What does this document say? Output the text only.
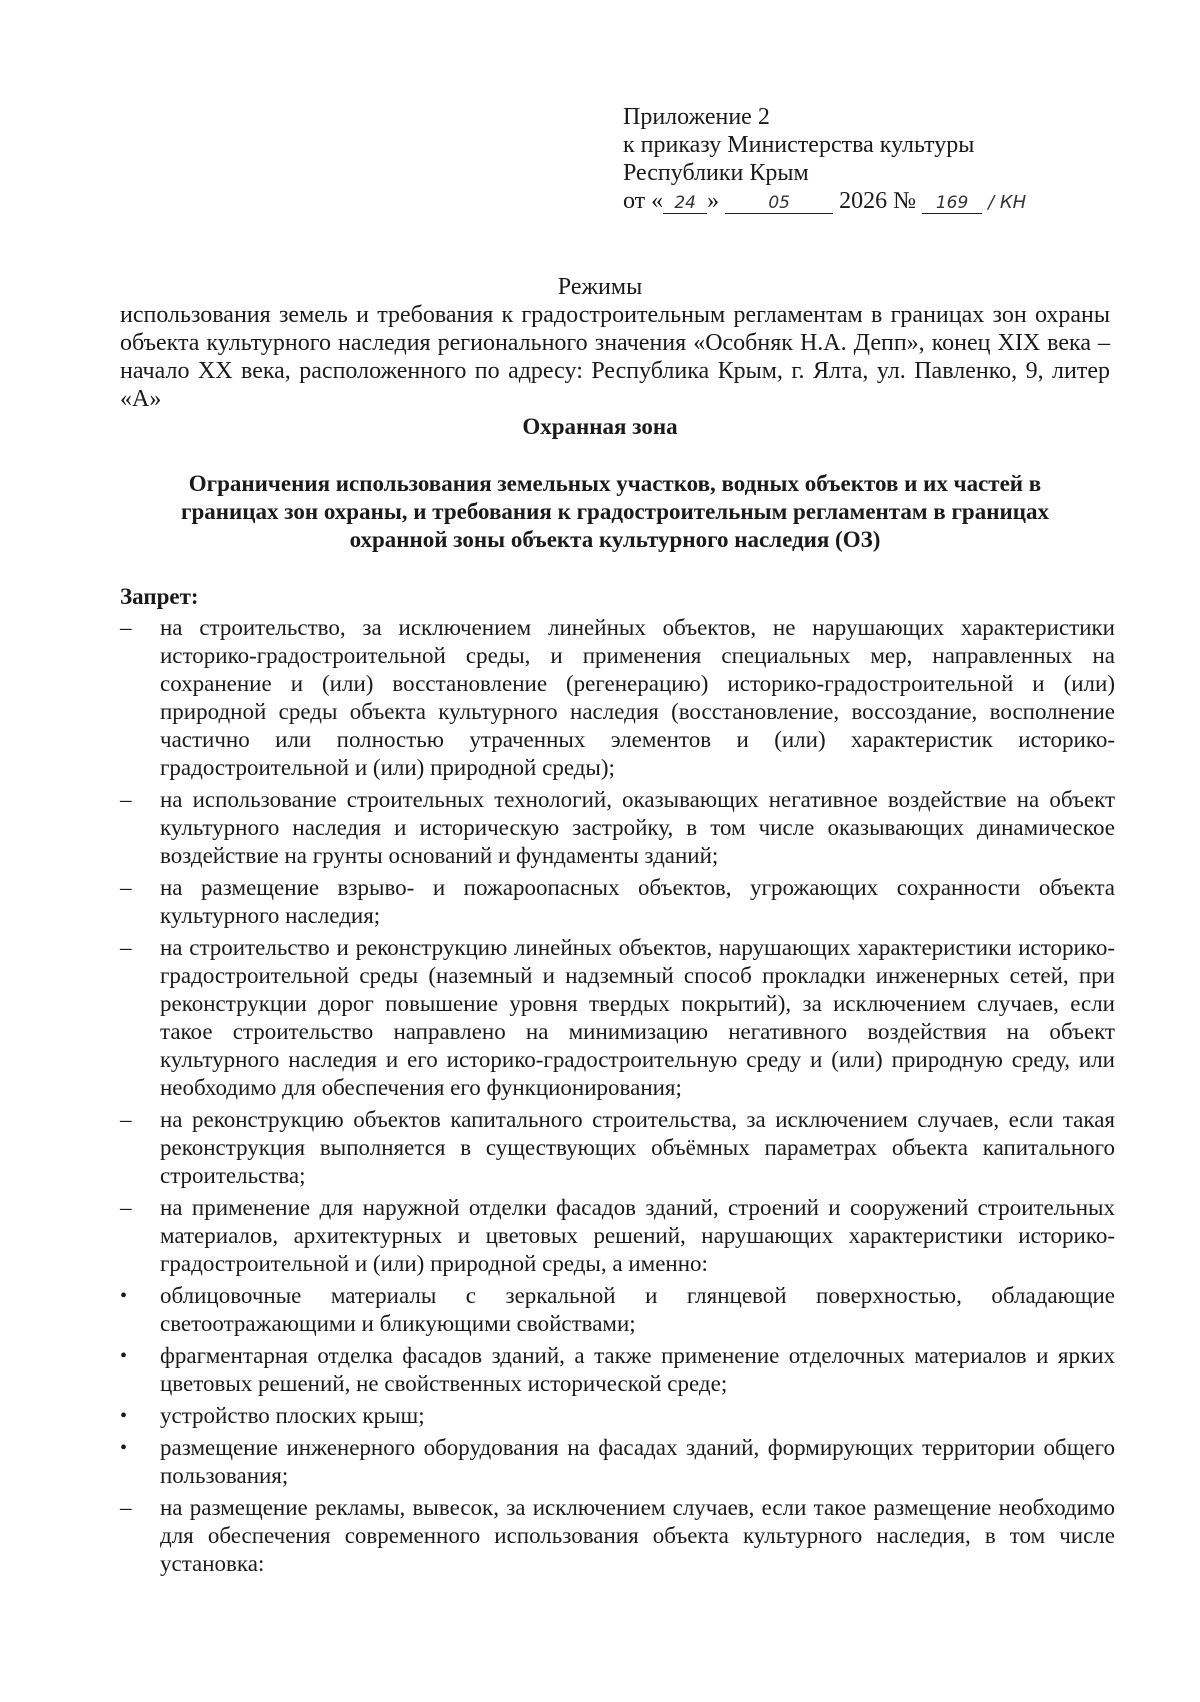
Приложение 2
к приказу Министерства культуры
Республики Крым
от « 24 »	05 2026 № 169 / КН
Режимы
использования земель и требования к градостроительным регламентам в границах зон охраны объекта культурного наследия регионального значения «Особняк Н.А. Депп», конец XIX века – начало XX века, расположенного по адресу: Республика Крым, г. Ялта, ул. Павленко, 9, литер «А»
Охранная зона
Ограничения использования земельных участков, водных объектов и их частей в границах зон охраны, и требования к градостроительным регламентам в границах охранной зоны объекта культурного наследия (ОЗ)
Запрет:
–	на строительство, за исключением линейных объектов, не нарушающих характеристики историко-градостроительной среды, и применения специальных мер, направленных на сохранение и (или) восстановление (регенерацию) историко-градостроительной и (или) природной среды объекта культурного наследия (восстановление, воссоздание, восполнение частично или полностью утраченных элементов и (или) характеристик историко-градостроительной и (или) природной среды);
–	на использование строительных технологий, оказывающих негативное воздействие на объект культурного наследия и историческую застройку, в том числе оказывающих динамическое воздействие на грунты оснований и фундаменты зданий;
–	на размещение взрыво- и пожароопасных объектов, угрожающих сохранности объекта культурного наследия;
–	на строительство и реконструкцию линейных объектов, нарушающих характеристики историко-градостроительной среды (наземный и надземный способ прокладки инженерных сетей, при реконструкции дорог повышение уровня твердых покрытий), за исключением случаев, если такое строительство направлено на минимизацию негативного воздействия на объект культурного наследия и его историко-градостроительную среду и (или) природную среду, или необходимо для обеспечения его функционирования;
–	на реконструкцию объектов капитального строительства, за исключением случаев, если такая реконструкция выполняется в существующих объёмных параметрах объекта капитального строительства;
–	на применение для наружной отделки фасадов зданий, строений и сооружений строительных материалов, архитектурных и цветовых решений, нарушающих характеристики историко-градостроительной и (или) природной среды, а именно:
•	облицовочные материалы с зеркальной и глянцевой поверхностью, обладающие светоотражающими и бликующими свойствами;
•	фрагментарная отделка фасадов зданий, а также применение отделочных материалов и ярких цветовых решений, не свойственных исторической среде;
•	устройство плоских крыш;
•	размещение инженерного оборудования на фасадах зданий, формирующих территории общего пользования;
–	на размещение рекламы, вывесок, за исключением случаев, если такое размещение необходимо для обеспечения современного использования объекта культурного наследия, в том числе установка:
